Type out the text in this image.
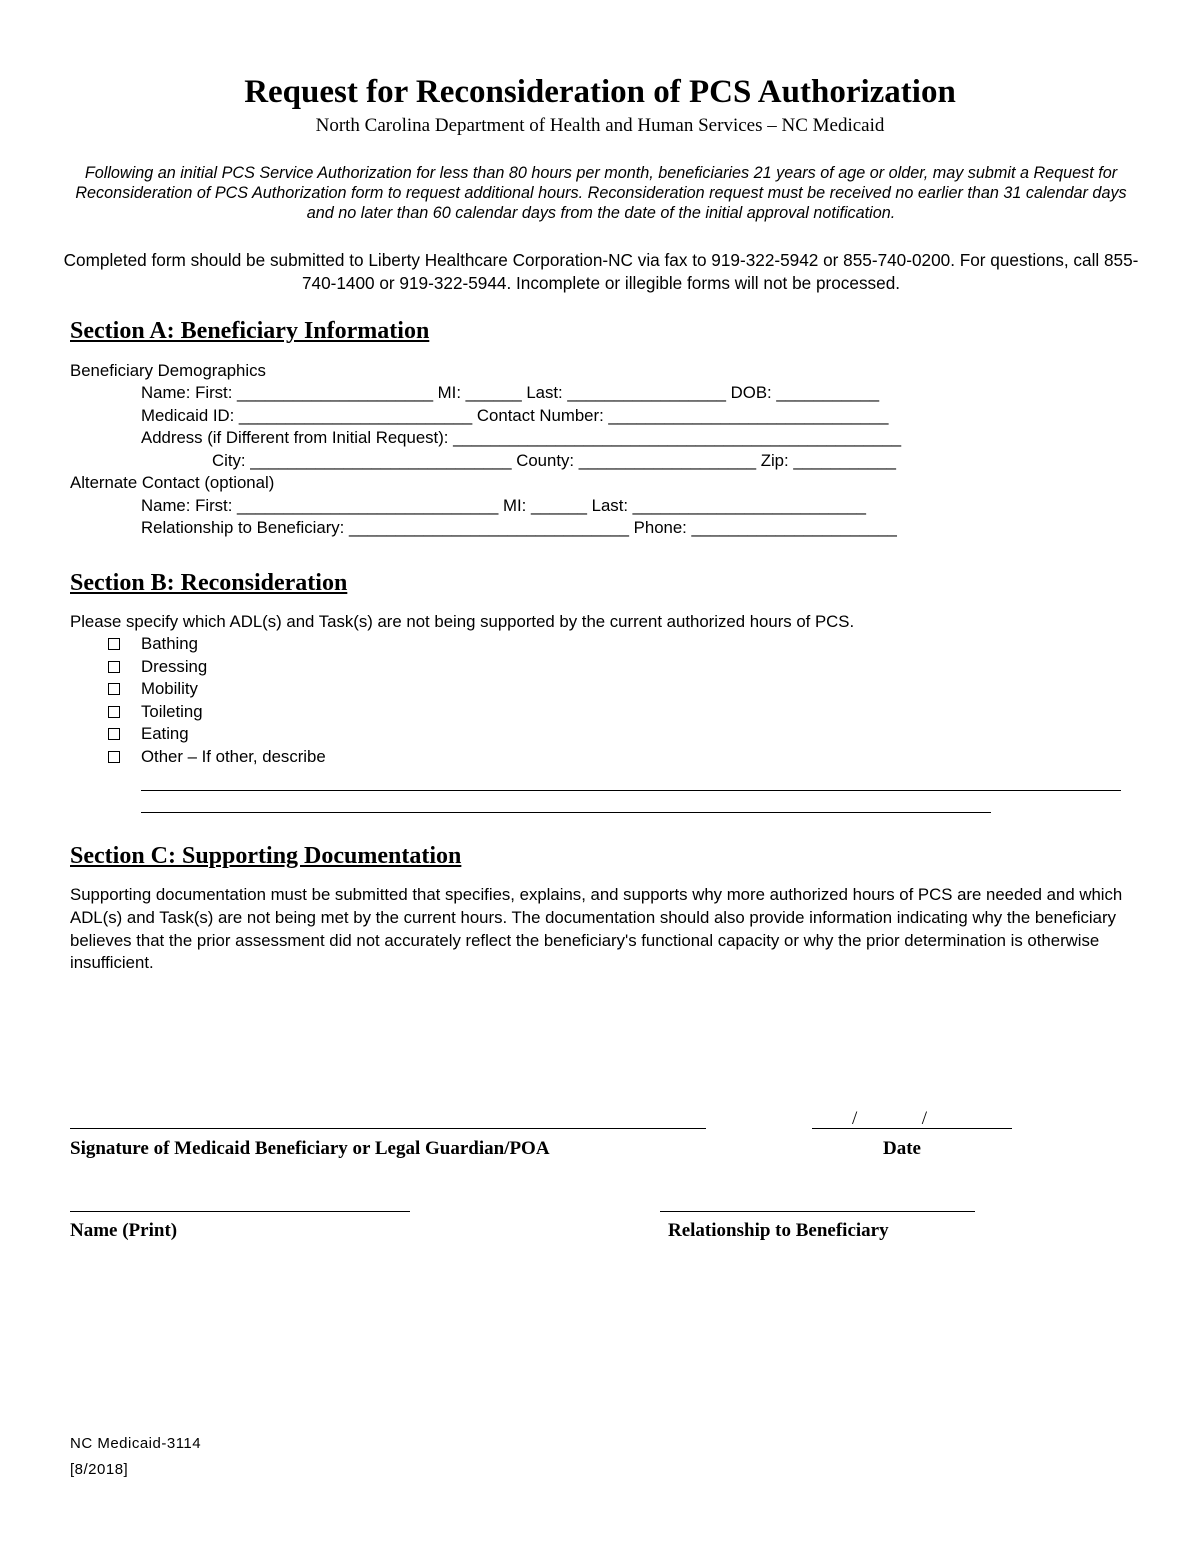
Request for Reconsideration of PCS Authorization
North Carolina Department of Health and Human Services – NC Medicaid
Following an initial PCS Service Authorization for less than 80 hours per month, beneficiaries 21 years of age or older, may submit a Request for Reconsideration of PCS Authorization form to request additional hours. Reconsideration request must be received no earlier than 31 calendar days and no later than 60 calendar days from the date of the initial approval notification.
Completed form should be submitted to Liberty Healthcare Corporation-NC via fax to 919-322-5942 or 855-740-0200. For questions, call 855-740-1400 or 919-322-5944. Incomplete or illegible forms will not be processed.
Section A: Beneficiary Information
Beneficiary Demographics
Name: First: _____________________ MI: ______ Last: _________________ DOB: ___________
Medicaid ID: _________________________ Contact Number: ______________________________
Address (if Different from Initial Request): ________________________________________________
City: ____________________________ County: ___________________ Zip: ___________
Alternate Contact (optional)
Name: First: ____________________________ MI: ______ Last: _________________________
Relationship to Beneficiary: ______________________________ Phone: ______________________
Section B: Reconsideration
Please specify which ADL(s) and Task(s) are not being supported by the current authorized hours of PCS.
Bathing
Dressing
Mobility
Toileting
Eating
Other – If other, describe
Section C: Supporting Documentation
Supporting documentation must be submitted that specifies, explains, and supports why more authorized hours of PCS are needed and which ADL(s) and Task(s) are not being met by the current hours. The documentation should also provide information indicating why the beneficiary believes that the prior assessment did not accurately reflect the beneficiary's functional capacity or why the prior determination is otherwise insufficient.
/      /
Signature of Medicaid Beneficiary or Legal Guardian/POA	Date
Name (Print)	Relationship to Beneficiary
NC Medicaid-3114
[8/2018]
